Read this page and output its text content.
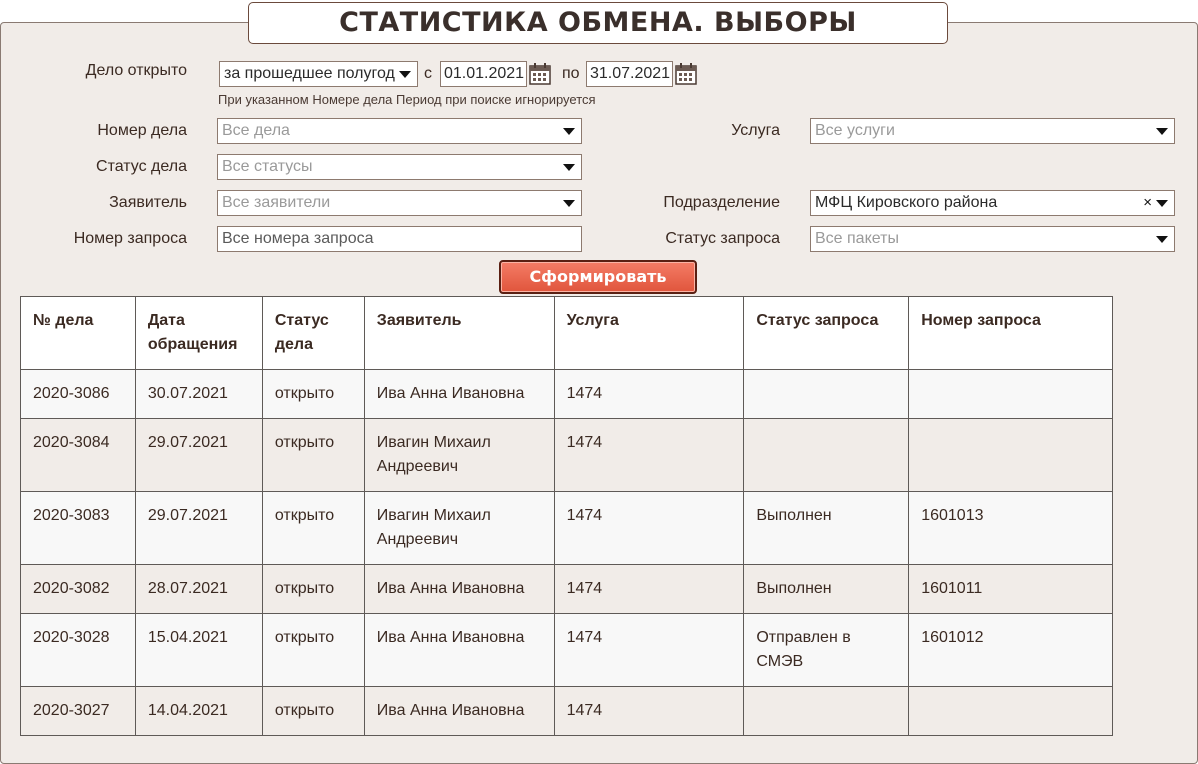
СТАТИСТИКА ОБМЕНА. ВЫБОРЫ
Дело открыто	за прошедшее полугод	с 01.01.2021 по 31.07.2021
При указанном Номере дела Период при поиске игнорируется
Номер дела	Все дела	Услуга	Все услуги
Статус дела	Все статусы
Заявитель	Все заявители	Подразделение	МФЦ Кировского района	×
Номер запроса	Все номера запроса	Статус запроса	Все пакеты
Сформировать
№ дела	Дата обращения	Статус дела	Заявитель	Услуга	Статус запроса	Номер запроса
2020-3086	30.07.2021	открыто	Ива Анна Ивановна	1474		
2020-3084	29.07.2021	открыто	Ивагин Михаил Андреевич	1474		
2020-3083	29.07.2021	открыто	Ивагин Михаил Андреевич	1474	Выполнен	1601013
2020-3082	28.07.2021	открыто	Ива Анна Ивановна	1474	Выполнен	1601011
2020-3028	15.04.2021	открыто	Ива Анна Ивановна	1474	Отправлен в СМЭВ	1601012
2020-3027	14.04.2021	открыто	Ива Анна Ивановна	1474		
